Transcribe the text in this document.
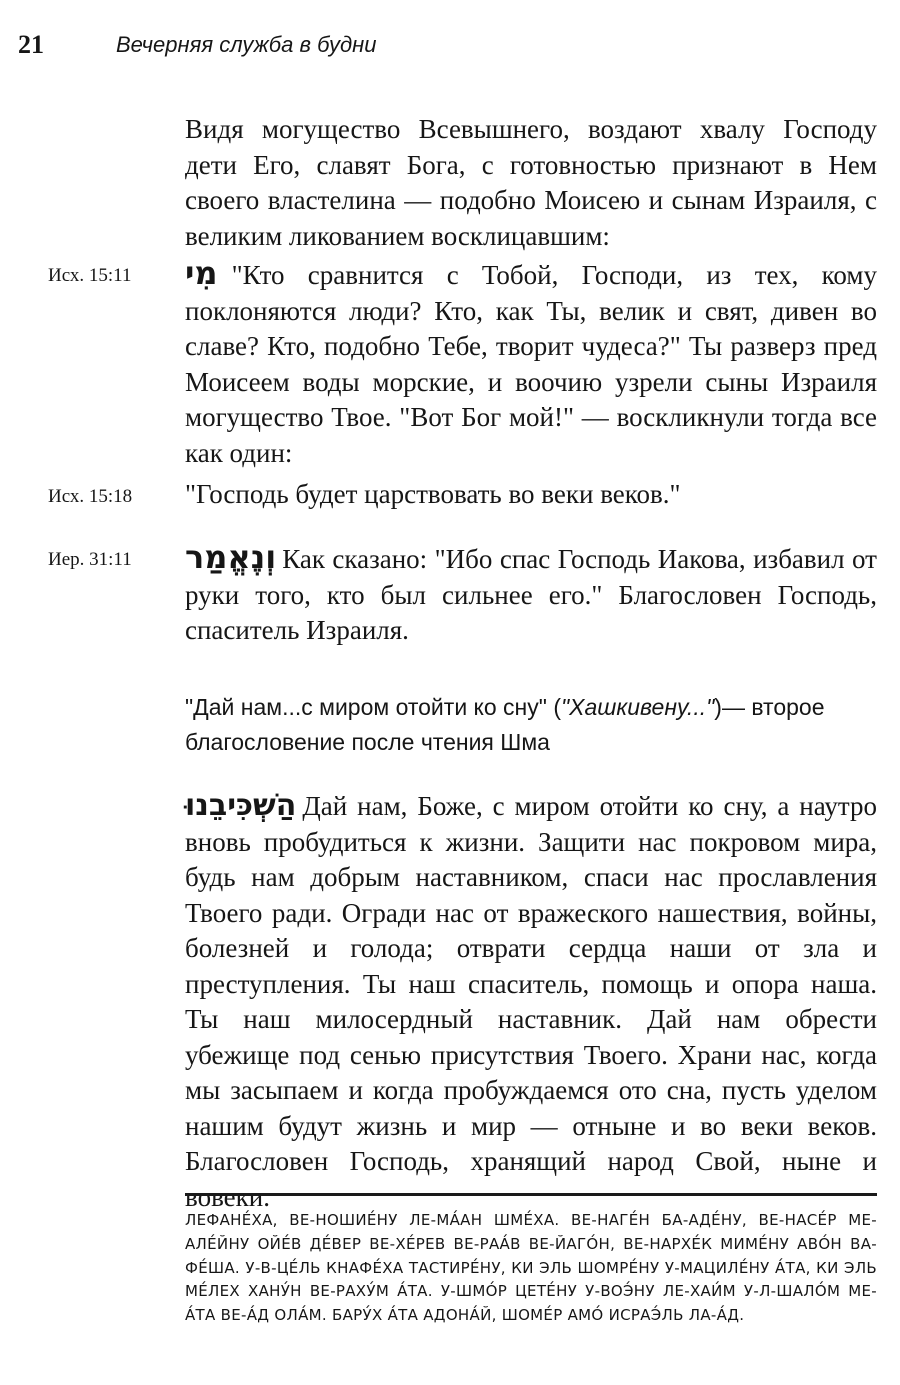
21	Вечерняя служба в будни
Видя могущество Всевышнего, воздают хвалу Господу дети Его, славят Бога, с готовностью признают в Нем своего властелина — подобно Моисею и сынам Израиля, с великим ликованием восклицавшим:
Исх. 15:11 מִי "Кто сравнится с Тобой, Господи, из тех, кому поклоняются люди? Кто, как Ты, велик и свят, дивен во славе? Кто, подобно Тебе, творит чудеса?" Ты разверз пред Моисеем воды морские, и воочию узрели сыны Израиля могущество Твое. "Вот Бог мой!" — воскликнули тогда все как один:
Исх. 15:18 "Господь будет царствовать во веки веков."
Иер. 31:11 וְנֶאֱמַר Как сказано: "Ибо спас Господь Иакова, избавил от руки того, кто был сильнее его." Благословен Господь, спаситель Израиля.
"Дай нам...с миром отойти ко сну" ("Хашкивену...")— второе благословение после чтения Шма
הַשְׁכִּיבֵנוּ Дай нам, Боже, с миром отойти ко сну, а наутро вновь пробудиться к жизни. Защити нас покровом мира, будь нам добрым наставником, спаси нас прославления Твоего ради. Огради нас от вражеского нашествия, войны, болезней и голода; отврати сердца наши от зла и преступления. Ты наш спаситель, помощь и опора наша. Ты наш милосердный наставник. Дай нам обрести убежище под сенью присутствия Твоего. Храни нас, когда мы засыпаем и когда пробуждаемся ото сна, пусть уделом нашим будут жизнь и мир — отныне и во веки веков. Благословен Господь, хранящий народ Свой, ныне и вовеки.
ЛЕФАНЕ́ХА, ВЕ-HОШИЕ́НУ ЛЕ-МА́АН ШМЕ́ХА. ВЕ-HАГЕ́Н БА-АДЕ́НУ, ВЕ-HАСЕ́Р МЕ-АЛЕ́ЙНУ ОЙЕ́В ДЕ́ВЕР ВЕ-ХЕ́РЕВ ВЕ-РАА́В ВЕ-ЙАГО́Н, ВЕ-HАРХЕ́К МИМЕ́НУ АВО́Н ВА-ФЕ́ША. У-В-ЦЕ́ЛЬ КНАФЕ́ХА ТАСТИРЕ́НУ, КИ ЭЛЬ ШОМРЕ́НУ У-МАЦИЛЕ́НУ А́ТА, КИ ЭЛЬ МЕ́ЛЕХ ХАНУ́Н ВЕ-РАХУ́М А́ТА. У-ШМО́Р ЦЕТЕ́НУ У-ВОЭ́НУ ЛЕ-ХАИ́М У-Л-ШАЛО́М МЕ-А́ТА ВЕ-А́Д ОЛА́М. БАРУ́Х А́ТА АДОНА́Й, ШОМЕ́Р АМО́ ИСРАЭ́ЛЬ ЛА-А́Д.
